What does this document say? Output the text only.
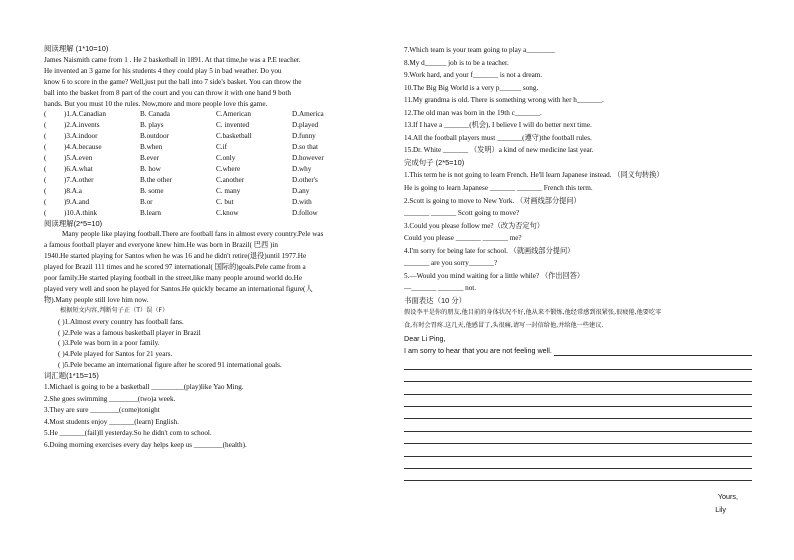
阅读理解 (1*10=10)
James Naismith came from 1 . He 2 basketball in 1891. At that time,he was a P.E teacher.
He invented an 3 game for his students 4 they could play 5 in bad weather. Do you
know 6 to score in the game? Well,just put the ball into 7 side's basket. You can throw the
ball into the basket from 8 part of the court and you can throw it with one hand 9 both
hands. But you must 10 the rules. Now,more and more people love this game.
(	)1.A.Canadian	B. Canada	C.American	D.America
(	)2.A.invents	B. plays	C. invented	D.played
(	)3.A.indoor	B.outdoor	C.basketball	D.funny
(	)4.A.because	B.when	C.if	D.so that
(	)5.A.even	B.ever	C.only	D.however
(	)6.A.what	B. how	C.where	D.why
(	)7.A.other	B.the other	C.another	D.other's
(	)8.A.a	B. some	C. many	D.any
(	)9.A.and	B.or	C. but	D.with
(	)10.A.think	B.learn	C.know	D.follow
阅读理解(2*5=10)
Many people like playing football.There are football fans in almost every country.Pele was
a famous football player and everyone knew him.He was born in Brazil( 巴西 )in
1940.He started playing for Santos when he was 16 and he didn't retire(退役)until 1977.He
played for Brazil 111 times and he scored 97 international( 国际的)goals.Pele came from a
poor family.He started playing football in the street,like many people around world do.He
played very well and soon he played for Santos.He quickly became an international figure(人
物).Many people still love him now.
根据短文内容,判断句子正（T）误（F）
( )1.Almost every country has football fans.
( )2.Pele was a famous basketball player in Brazil
( )3.Pele was born in a poor family.
( )4.Pele played for Santos for 21 years.
( )5.Pele became an international figure after he scored 91 international goals.
词汇题(1*15=15)
1.Michael is going to be a basketball _________(play)like Yao Ming.
2.She goes swimming ________(two)a week.
3.They are sure ________(come)tonight
4.Most students enjoy _______(learn) English.
5.He _______(fail)ll yesterday.So he didn't com to school.
6.Doing morning exercises every day helps keep us ________(health).
7.Which team is your team going to play a________
8.My d______ job is to be a teacher.
9.Work hard, and your f_______ is not a dream.
10.The Big Big World is a very p______ song.
11.My grandma is old. There is something wrong with her h_______.
12.The old man was born in the 19th c_______.
13.If I have a _______(机会), I believe I will do better next time.
14.All the football players must _______(遵守)the football rules.
15.Dr. White _______ （发明）a kind of new medicine last year.
完成句子 (2*5=10)
1.This term he is not going to learn French. He'll learn Japanese instead. （同义句转换）
He is going to learn Japanese _______ _______ French this term.
2.Scott is going to move to New York. （对画线部分提问）
_______ _______ Scott going to move?
3.Could you please follow me?（改为否定句）
Could you please _______ _______ me?
4.I'm sorry for being late for school. （就画线部分提问）
_______ are you sorry_______?
5.—Would you mind waiting for a little while? （作出回答）
—_______ _______ not.
书面表达（10 分）
假设李平是你的朋友,他目前的身体状况不好,他从来不锻炼,他经常感到很紧张,很疲倦,他要吃零
食,有时会胃疼.这几天,他感冒了,头很痛,请写一封信给他,并给他一些建议.
Dear Li Ping,
I am sorry to hear that you are not feeling well.
Yours,
Lily
